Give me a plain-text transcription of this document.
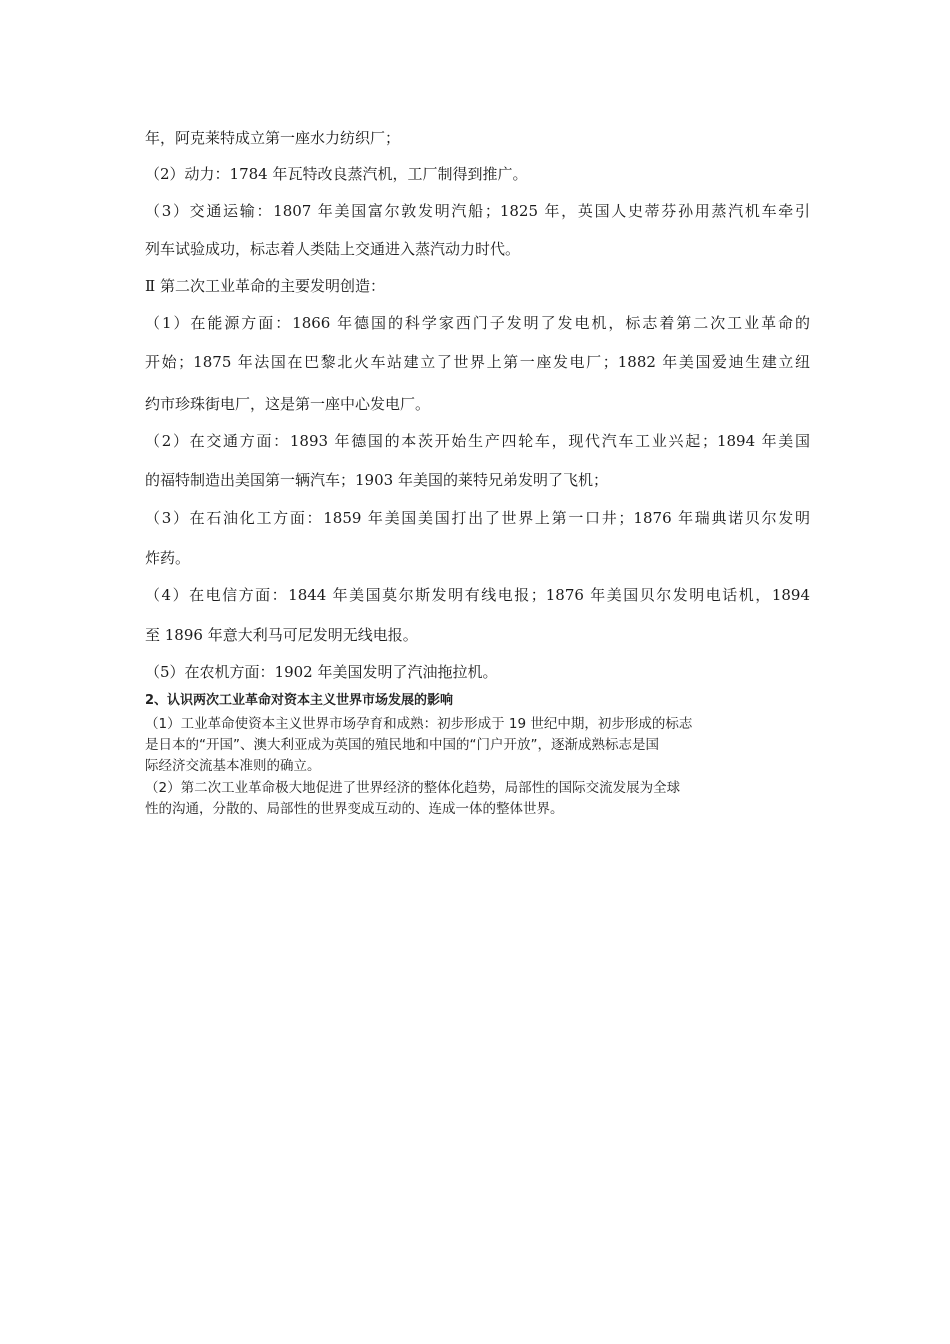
年，阿克莱特成立第一座水力纺织厂；
（2）动力：1784 年瓦特改良蒸汽机，工厂制得到推广。
（3）交通运输：1807 年美国富尔敦发明汽船；1825 年，英国人史蒂芬孙用蒸汽机车牵引
列车试验成功，标志着人类陆上交通进入蒸汽动力时代。
Ⅱ 第二次工业革命的主要发明创造：
（1）在能源方面：1866 年德国的科学家西门子发明了发电机，标志着第二次工业革命的
开始；1875 年法国在巴黎北火车站建立了世界上第一座发电厂；1882 年美国爱迪生建立纽
约市珍珠街电厂，这是第一座中心发电厂。
（2）在交通方面：1893 年德国的本茨开始生产四轮车，现代汽车工业兴起；1894 年美国
的福特制造出美国第一辆汽车；1903 年美国的莱特兄弟发明了飞机；
（3）在石油化工方面：1859 年美国美国打出了世界上第一口井；1876 年瑞典诺贝尔发明
炸药。
（4）在电信方面：1844 年美国莫尔斯发明有线电报；1876 年美国贝尔发明电话机，1894
至 1896 年意大利马可尼发明无线电报。
（5）在农机方面：1902 年美国发明了汽油拖拉机。
2、认识两次工业革命对资本主义世界市场发展的影响
（1）工业革命使资本主义世界市场孕育和成熟：初步形成于 19 世纪中期，初步形成的标志
是日本的“开国”、澳大利亚成为英国的殖民地和中国的“门户开放”，逐渐成熟标志是国
际经济交流基本准则的确立。
（2）第二次工业革命极大地促进了世界经济的整体化趋势，局部性的国际交流发展为全球
性的沟通，分散的、局部性的世界变成互动的、连成一体的整体世界。
